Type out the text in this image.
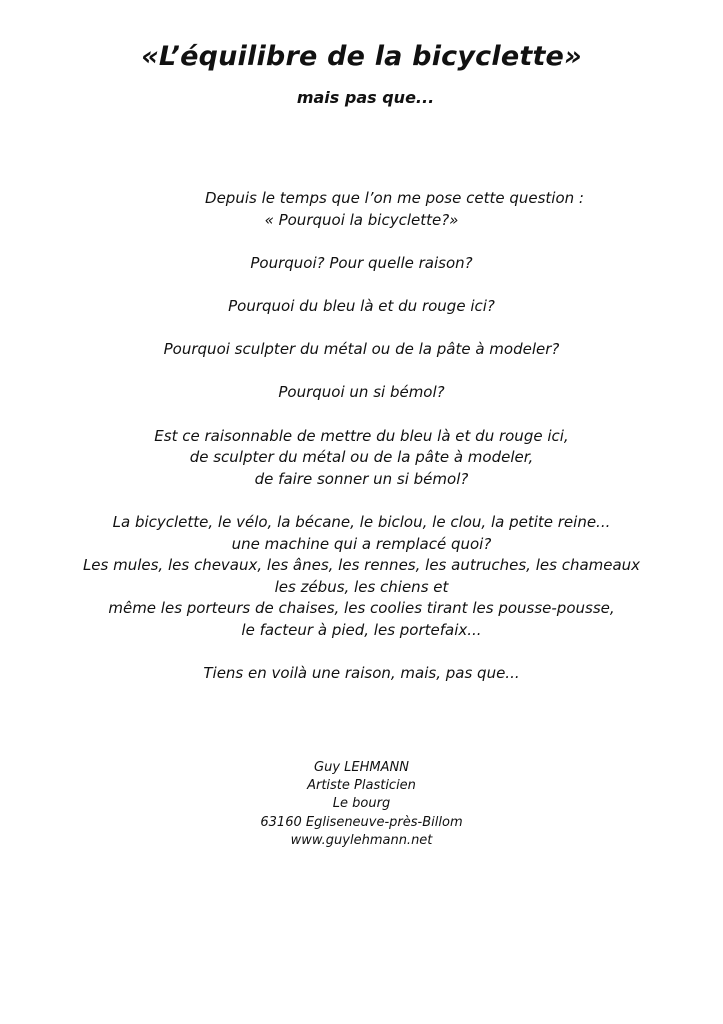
«L’équilibre de la bicyclette»
mais pas que...
Depuis le temps que l’on me pose cette question :
« Pourquoi la bicyclette?»
Pourquoi? Pour quelle raison?
Pourquoi du bleu là et du rouge ici?
Pourquoi sculpter du métal ou de la pâte à modeler?
Pourquoi un si bémol?
Est ce raisonnable de mettre du bleu là et du rouge ici,
de sculpter du métal ou de la pâte à modeler,
de faire sonner un si bémol?
La bicyclette, le vélo, la bécane, le biclou, le clou, la petite reine...
une machine qui a remplacé quoi?
Les mules, les chevaux, les ânes, les rennes, les autruches, les chameaux
les zébus, les chiens et
même les porteurs de chaises, les coolies tirant les pousse-pousse,
le facteur à pied, les portefaix...
Tiens en voilà une raison, mais, pas que...
Guy LEHMANN
Artiste Plasticien
Le bourg
63160 Egliseneuve-près-Billom
www.guylehmann.net
